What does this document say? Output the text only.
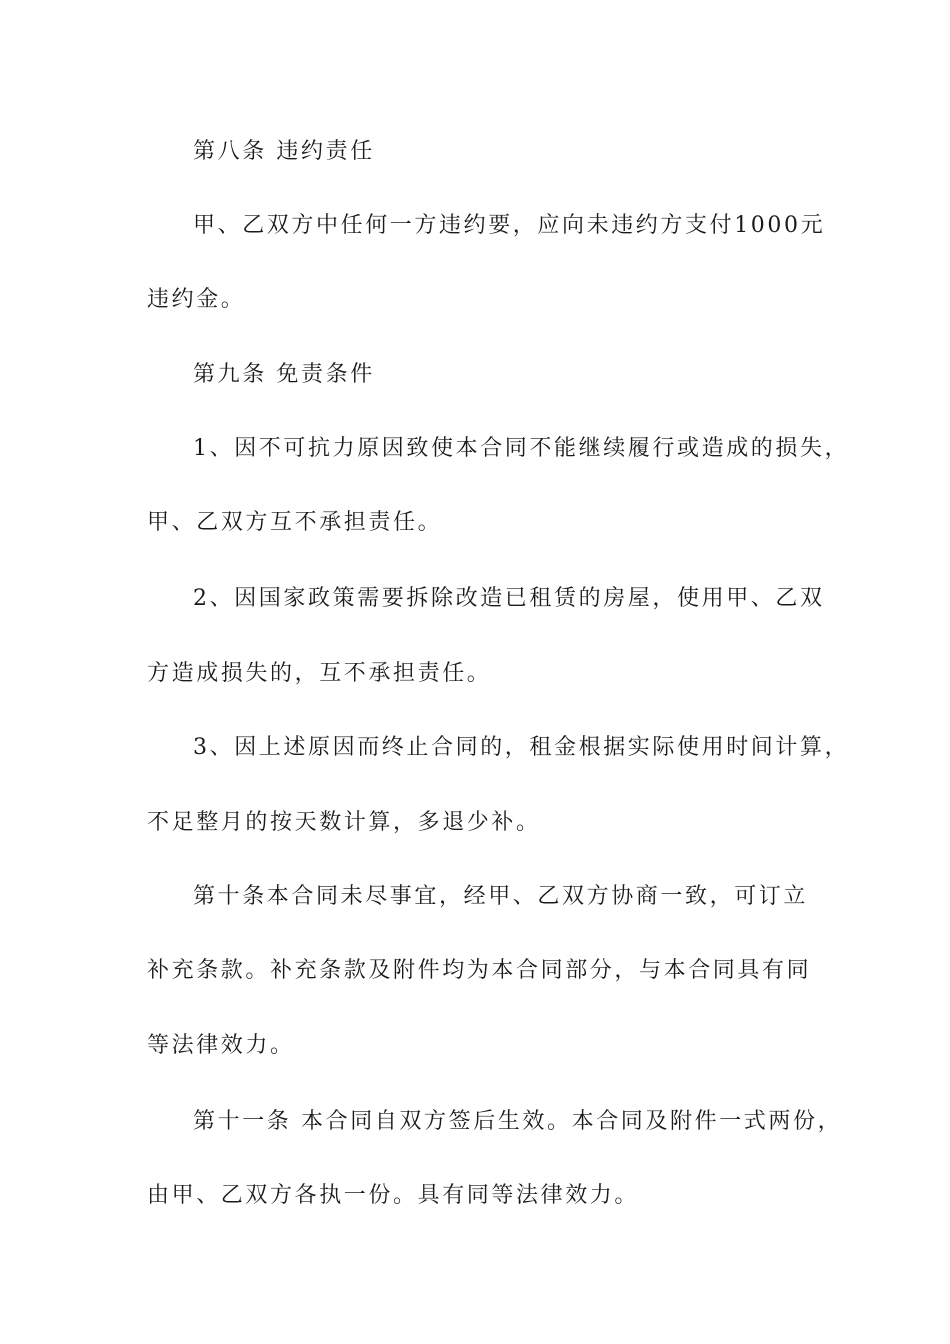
第八条 违约责任
甲、乙双方中任何一方违约要，应向未违约方支付1000元
违约金。
第九条 免责条件
1、因不可抗力原因致使本合同不能继续履行或造成的损失，
甲、乙双方互不承担责任。
2、因国家政策需要拆除改造已租赁的房屋，使用甲、乙双
方造成损失的，互不承担责任。
3、因上述原因而终止合同的，租金根据实际使用时间计算，
不足整月的按天数计算，多退少补。
第十条本合同未尽事宜，经甲、乙双方协商一致，可订立
补充条款。补充条款及附件均为本合同部分，与本合同具有同
等法律效力。
第十一条 本合同自双方签后生效。本合同及附件一式两份，
由甲、乙双方各执一份。具有同等法律效力。
